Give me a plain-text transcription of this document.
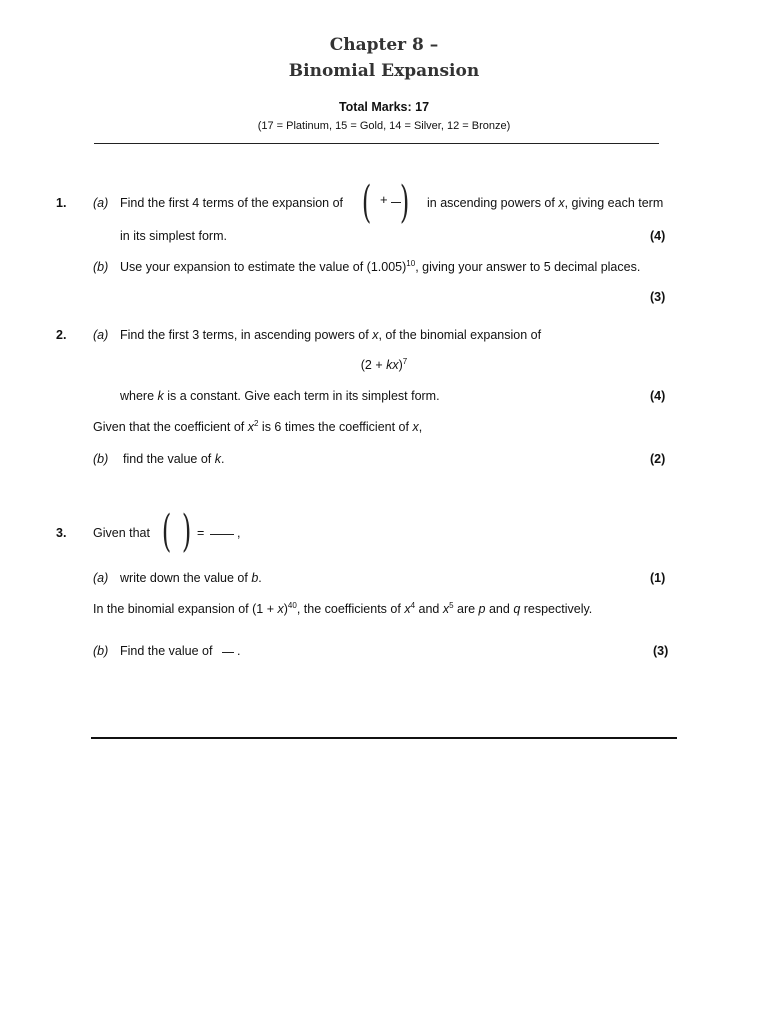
Chapter 8 –
Binomial Expansion
Total Marks: 17
(17 = Platinum, 15 = Gold, 14 = Silver, 12 = Bronze)
1. (a) Find the first 4 terms of the expansion of ( + ) in ascending powers of x, giving each term
in its simplest form.	(4)
(b) Use your expansion to estimate the value of $(1.005)^{10}$, giving your answer to 5 decimal places.
(3)
2. (a) Find the first 3 terms, in ascending powers of x, of the binomial expansion of
(2 + kx)$^7$
where k is a constant. Give each term in its simplest form.	(4)
Given that the coefficient of $x^2$ is 6 times the coefficient of x,
(b) find the value of k.	(2)
3. Given that ( ) =	,
(a) write down the value of b.	(1)
In the binomial expansion of $(1 + x)^{40}$, the coefficients of $x^4$ and $x^5$ are p and q respectively.
(b) Find the value of .	(3)
